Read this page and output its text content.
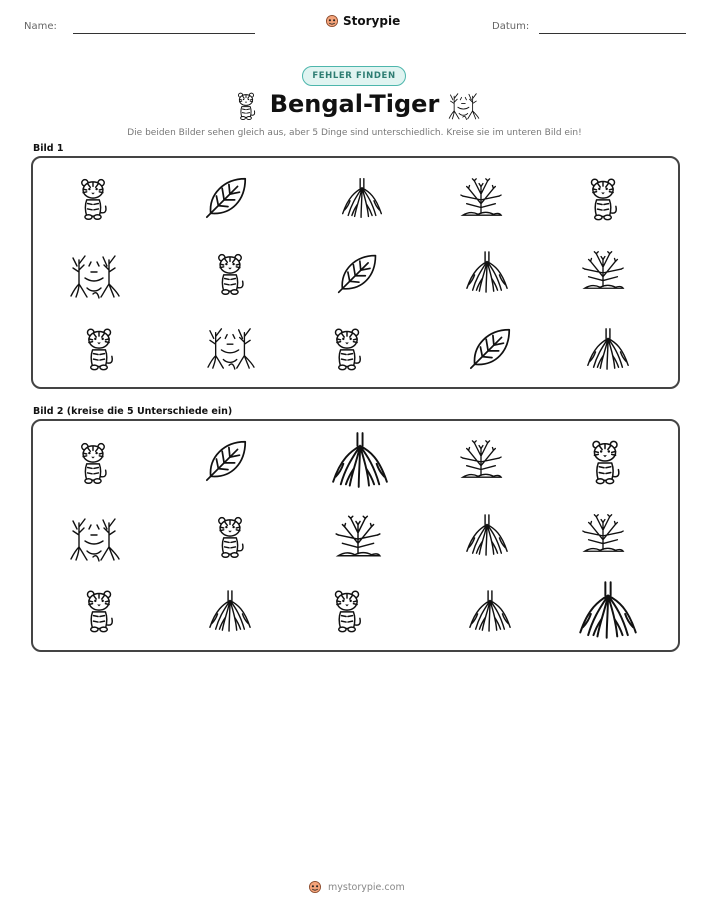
Name:	Storypie	Datum:
FEHLER FINDEN
Bengal-Tiger
Die beiden Bilder sehen gleich aus, aber 5 Dinge sind unterschiedlich. Kreise sie im unteren Bild ein!
Bild 1
Bild 2 (kreise die 5 Unterschiede ein)
mystorypie.com
